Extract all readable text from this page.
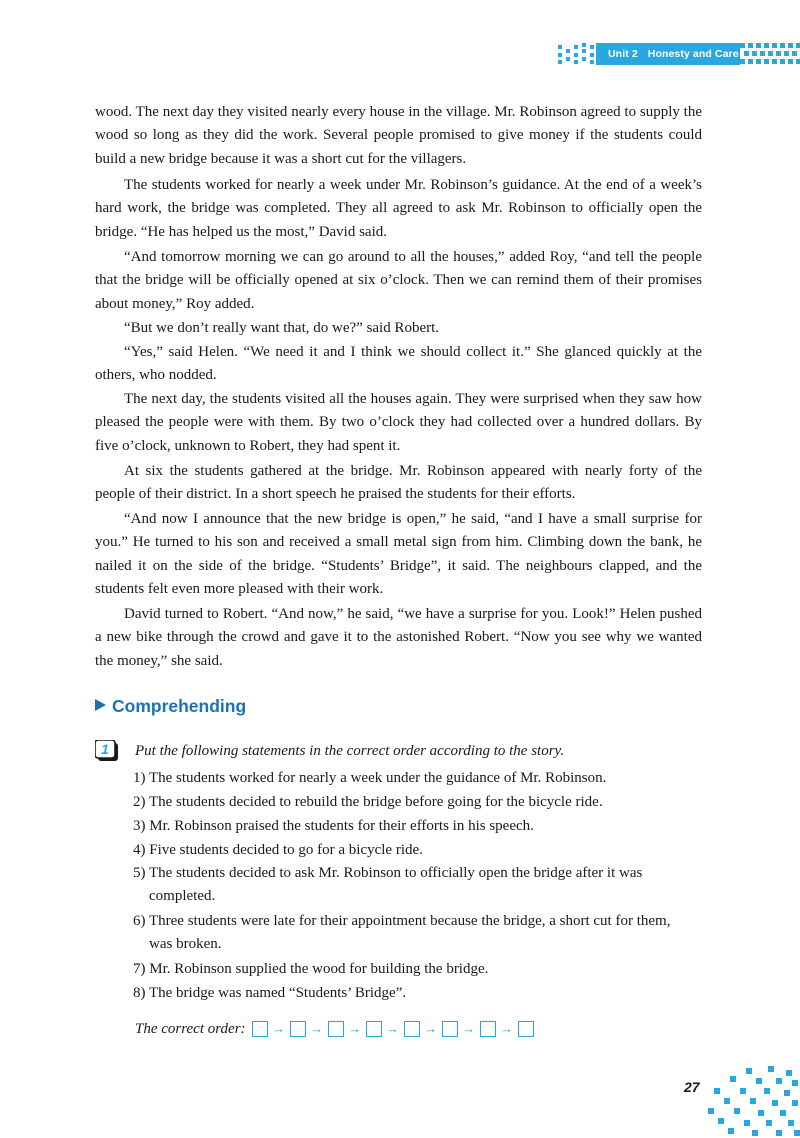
Unit 2 Honesty and Care

wood. The next day they visited nearly every house in the village. Mr. Robinson agreed to supply the wood so long as they did the work. Several people promised to give money if the students could build a new bridge because it was a short cut for the villagers.

The students worked for nearly a week under Mr. Robinson’s guidance. At the end of a week’s hard work, the bridge was completed. They all agreed to ask Mr. Robinson to officially open the bridge. “He has helped us the most,” David said.

“And tomorrow morning we can go around to all the houses,” added Roy, “and tell the people that the bridge will be officially opened at six o’clock. Then we can remind them of their promises about money,” Roy added.

“But we don’t really want that, do we?” said Robert.

“Yes,” said Helen. “We need it and I think we should collect it.” She glanced quickly at the others, who nodded.

The next day, the students visited all the houses again. They were surprised when they saw how pleased the people were with them. By two o’clock they had collected over a hundred dollars. By five o’clock, unknown to Robert, they had spent it.

At six the students gathered at the bridge. Mr. Robinson appeared with nearly forty of the people of their district. In a short speech he praised the students for their efforts.

“And now I announce that the new bridge is open,” he said, “and I have a small surprise for you.” He turned to his son and received a small metal sign from him. Climbing down the bank, he nailed it on the side of the bridge. “Students’ Bridge”, it said. The neighbours clapped, and the students felt even more pleased with their work.

David turned to Robert. “And now,” he said, “we have a surprise for you. Look!” Helen pushed a new bike through the crowd and gave it to the astonished Robert. “Now you see why we wanted the money,” she said.

Comprehending
1 Put the following statements in the correct order according to the story.

1) The students worked for nearly a week under the guidance of Mr. Robinson.

2) The students decided to rebuild the bridge before going for the bicycle ride.

3) Mr. Robinson praised the students for their efforts in his speech.

4) Five students decided to go for a bicycle ride.

5) The students decided to ask Mr. Robinson to officially open the bridge after it was
completed.

6) Three students were late for their appointment because the bridge, a short cut for them,
was broken.

7) Mr. Robinson supplied the wood for building the bridge.

8) The bridge was named “Students’ Bridge”.

The correct order:	→	→	→	→	→	→	→
27
